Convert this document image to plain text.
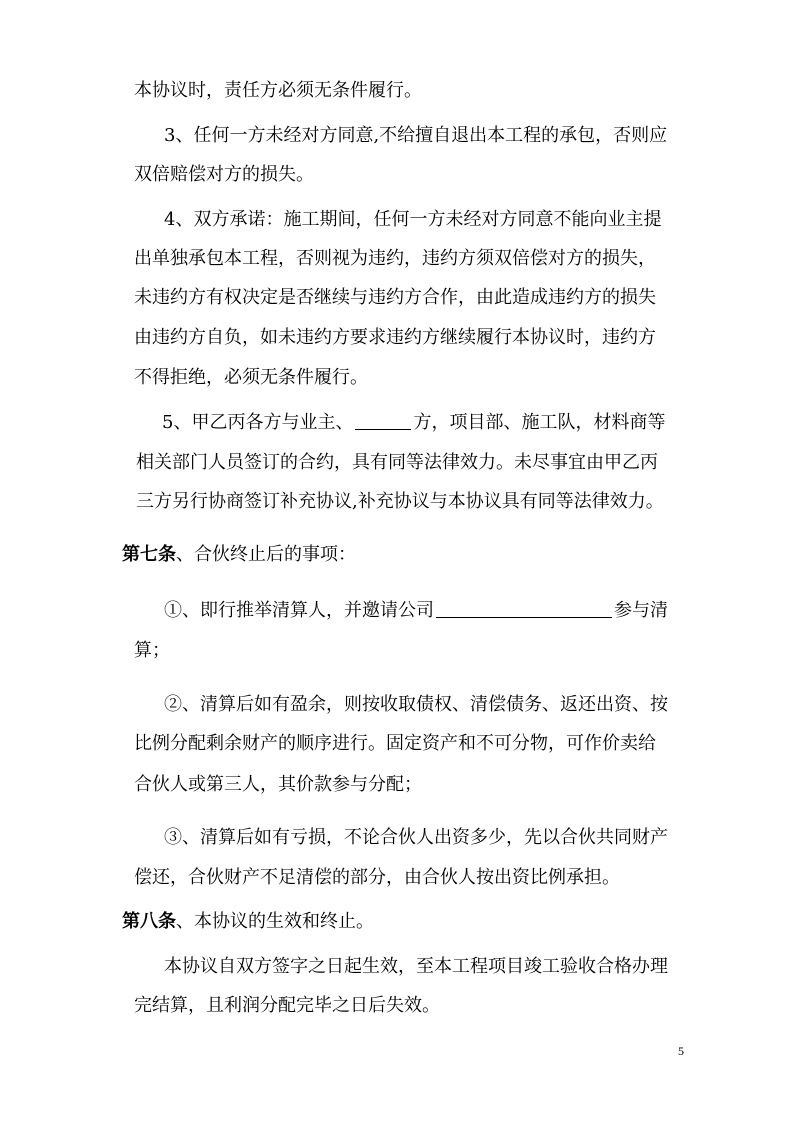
本协议时，责任方必须无条件履行。
3、任何一方未经对方同意,不给擅自退出本工程的承包，否则应
双倍赔偿对方的损失。
4、双方承诺：施工期间，任何一方未经对方同意不能向业主提
出单独承包本工程，否则视为违约，违约方须双倍偿对方的损失，
未违约方有权决定是否继续与违约方合作，由此造成违约方的损失
由违约方自负，如未违约方要求违约方继续履行本协议时，违约方
不得拒绝，必须无条件履行。
5、甲乙丙各方与业主、	方，项目部、施工队，材料商等
相关部门人员签订的合约，具有同等法律效力。未尽事宜由甲乙丙
三方另行协商签订补充协议,补充协议与本协议具有同等法律效力。
第七条、合伙终止后的事项：
①、即行推举清算人，并邀请公司	参与清
算；
②、清算后如有盈余，则按收取债权、清偿债务、返还出资、按
比例分配剩余财产的顺序进行。固定资产和不可分物，可作价卖给
合伙人或第三人，其价款参与分配；
③、清算后如有亏损，不论合伙人出资多少，先以合伙共同财产
偿还，合伙财产不足清偿的部分，由合伙人按出资比例承担。
第八条、本协议的生效和终止。
本协议自双方签字之日起生效，至本工程项目竣工验收合格办理
完结算，且利润分配完毕之日后失效。
5
